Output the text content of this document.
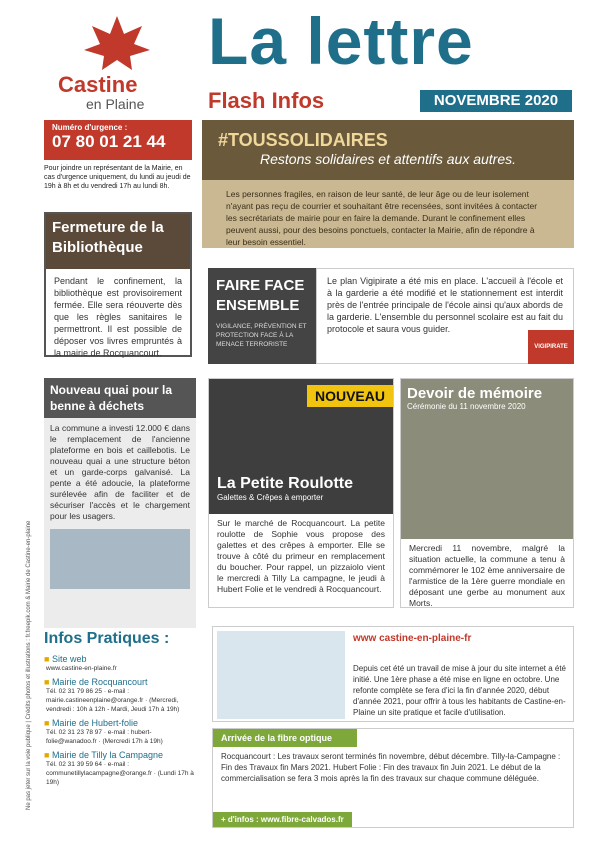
Castine
en Plaine
La lettre
Flash Infos	NOVEMBRE 2020
Numéro d'urgence :
07 80 01 21 44
Pour joindre un représentant de la Mairie, en cas d'urgence uniquement, du lundi au jeudi de 19h à 8h et du vendredi 17h au lundi 8h.
#TOUSSOLIDAIRES
Restons solidaires et attentifs aux autres.
Les personnes fragiles, en raison de leur santé, de leur âge ou de leur isolement n'ayant pas reçu de courrier et souhaitant être recensées, sont invitées à contacter les secrétariats de mairie pour en faire la demande. Durant le confinement elles peuvent aussi, pour des besoins ponctuels, contacter la Mairie, afin de répondre à leur besoin essentiel.
Fermeture de la Bibliothèque
Pendant le confinement, la bibliothèque est provisoirement fermée. Elle sera réouverte dès que les règles sanitaires le permettront. Il est possible de déposer vos livres empruntés à la mairie de Rocquancourt.
FAIRE FACE ENSEMBLE
VIGILANCE, PRÉVENTION ET PROTECTION FACE À LA MENACE TERRORISTE
Le plan Vigipirate a été mis en place. L'accueil à l'école et à la garderie a été modifié et le stationnement est interdit près de l'entrée principale de l'école ainsi qu'aux abords de la garderie. L'ensemble du personnel scolaire est au fait du protocole et saura vous guider.
VIGIPIRATE
Nouveau quai pour la benne à déchets
La commune a investi 12.000 € dans le remplacement de l'ancienne plateforme en bois et caillebotis. Le nouveau quai a une structure béton et un garde-corps galvanisé. La pente a été adoucie, la plateforme surélevée afin de faciliter et de sécuriser l'accès et le chargement pour les usagers.
NOUVEAU
La Petite Roulotte
Galettes & Crêpes à emporter
Sur le marché de Rocquancourt. La petite roulotte de Sophie vous propose des galettes et des crêpes à emporter. Elle se trouve à côté du primeur en remplacement du boucher. Pour rappel, un pizzaiolo vient le mercredi à Tilly La campagne, le jeudi à Hubert Folie et le vendredi à Rocquancourt.
Devoir de mémoire
Cérémonie du 11 novembre 2020
Mercredi 11 novembre, malgré la situation actuelle, la commune a tenu à commémorer le 102 ème anniversaire de l'armistice de la 1ère guerre mondiale en déposant une gerbe au monument aux Morts.
Ne pas jeter sur la voie publique | Crédits photos et illustrations : fr.freepik.com & Mairie de Castine-en-plaine Infos Pratiques :
■ Site web
www.castine-en-plaine.fr
■ Mairie de Rocquancourt
Tél. 02 31 79 86 25 · e-mail : mairie.castineenplaine@orange.fr · (Mercredi, vendredi : 10h à 12h - Mardi, Jeudi 17h à 19h)
■ Mairie de Hubert-folie
Tél. 02 31 23 78 97 · e-mail : hubert-folie@wanadoo.fr · (Mercredi 17h à 19h)
■ Mairie de Tilly la Campagne
Tél. 02 31 39 59 64 · e-mail : communetillylacampagne@orange.fr · (Lundi 17h à 19h)
www castine-en-plaine-fr
Depuis cet été un travail de mise à jour du site internet a été initié. Une 1ère phase a été mise en ligne en octobre. Une refonte complète se fera d'ici la fin d'année 2020, début d'année 2021, pour offrir à tous les habitants de Castine-en-Plaine un site pratique et facile d'utilisation.
Arrivée de la fibre optique
Rocquancourt : Les travaux seront terminés fin novembre, début décembre. Tilly-la-Campagne : Fin des Travaux fin Mars 2021. Hubert Folie : Fin des travaux fin Juin 2021. Le début de la commercialisation se fera 3 mois après la fin des travaux sur chaque commune déléguée.
+ d'infos : www.fibre-calvados.fr
